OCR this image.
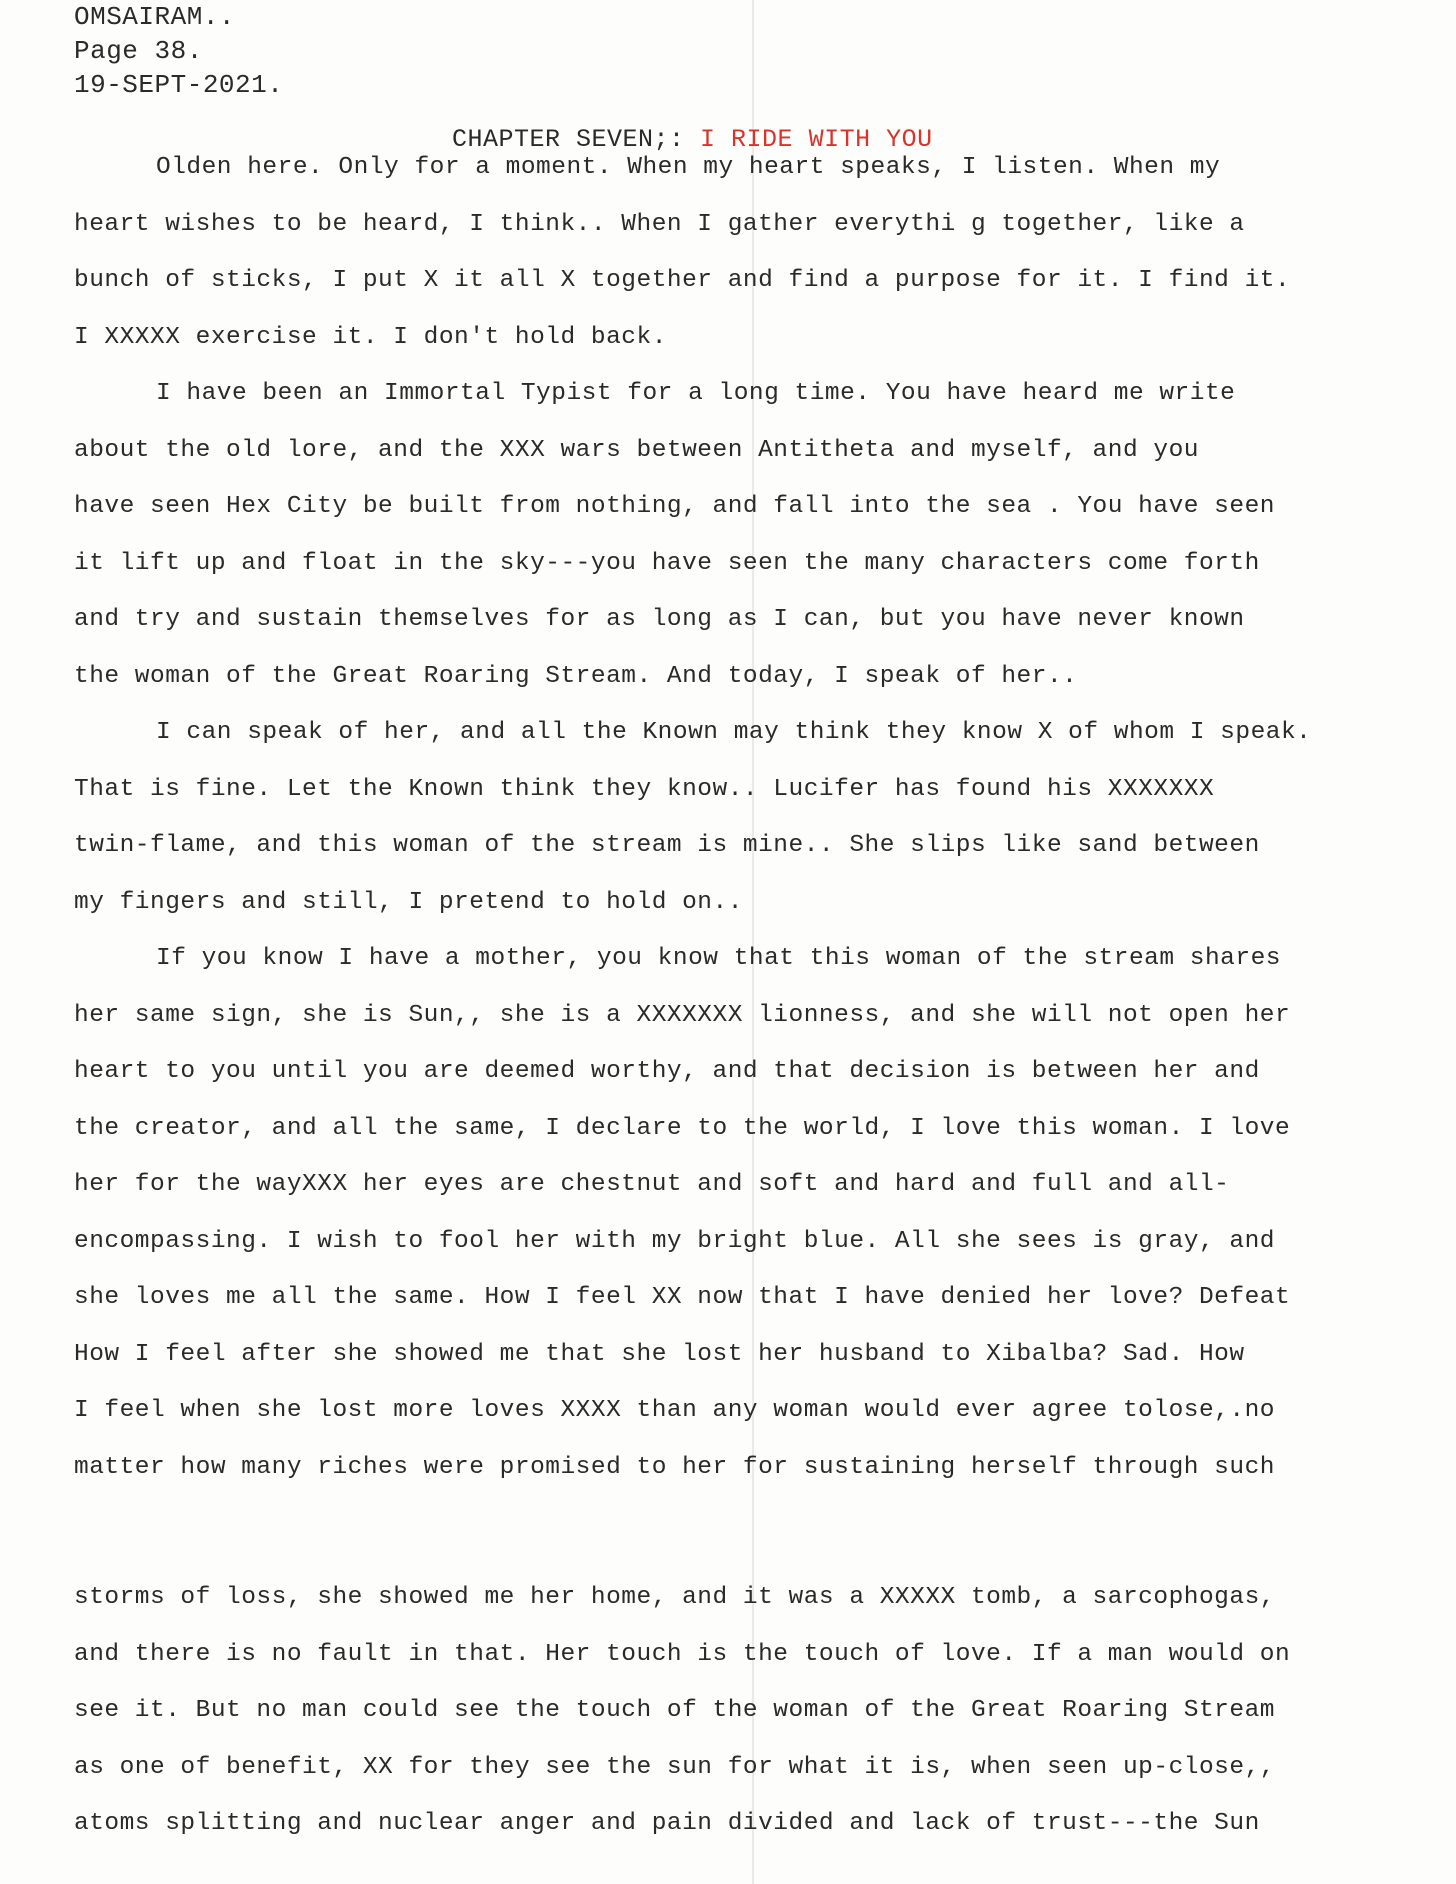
OMSAIRAM..
Page 38.
19-SEPT-2021.
CHAPTER SEVEN;: I RIDE WITH YOU
Olden here. Only for a moment. When my heart speaks, I listen. When my
heart wishes to be heard, I think.. When I gather everythi g together, like a
bunch of sticks, I put X it all X together and find a purpose for it. I find it.
I XXXXX exercise it. I don't hold back.
I have been an Immortal Typist for a long time. You have heard me write
about the old lore, and the XXX wars between Antitheta and myself, and you
have seen Hex City be built from nothing, and fall into the sea . You have seen
it lift up and float in the sky---you have seen the many characters come forth
and try and sustain themselves for as long as I can, but you have never known
the woman of the Great Roaring Stream. And today, I speak of her..
I can speak of her, and all the Known may think they know X of whom I speak.
That is fine. Let the Known think they know.. Lucifer has found his XXXXXXX
twin-flame, and this woman of the stream is mine.. She slips like sand between
my fingers and still, I pretend to hold on..
If you know I have a mother, you know that this woman of the stream shares
her same sign, she is Sun,, she is a XXXXXXX lionness, and she will not open her
heart to you until you are deemed worthy, and that decision is between her and
the creator, and all the same, I declare to the world, I love this woman. I love
her for the wayXXX her eyes are chestnut and soft and hard and full and all-
encompassing. I wish to fool her with my bright blue. All she sees is gray, and
she loves me all the same. How I feel XX now that I have denied her love? Defeat
How I feel after she showed me that she lost her husband to Xibalba? Sad. How
I feel when she lost more loves XXXX than any woman would ever agree tolose,.no
matter how many riches were promised to her for sustaining herself through such
storms of loss, she showed me her home, and it was a XXXXX tomb, a sarcophogas,
and there is no fault in that. Her touch is the touch of love. If a man would on
see it. But no man could see the touch of the woman of the Great Roaring Stream
as one of benefit, XX for they see the sun for what it is, when seen up-close,,
atoms splitting and nuclear anger and pain divided and lack of trust---the Sun
